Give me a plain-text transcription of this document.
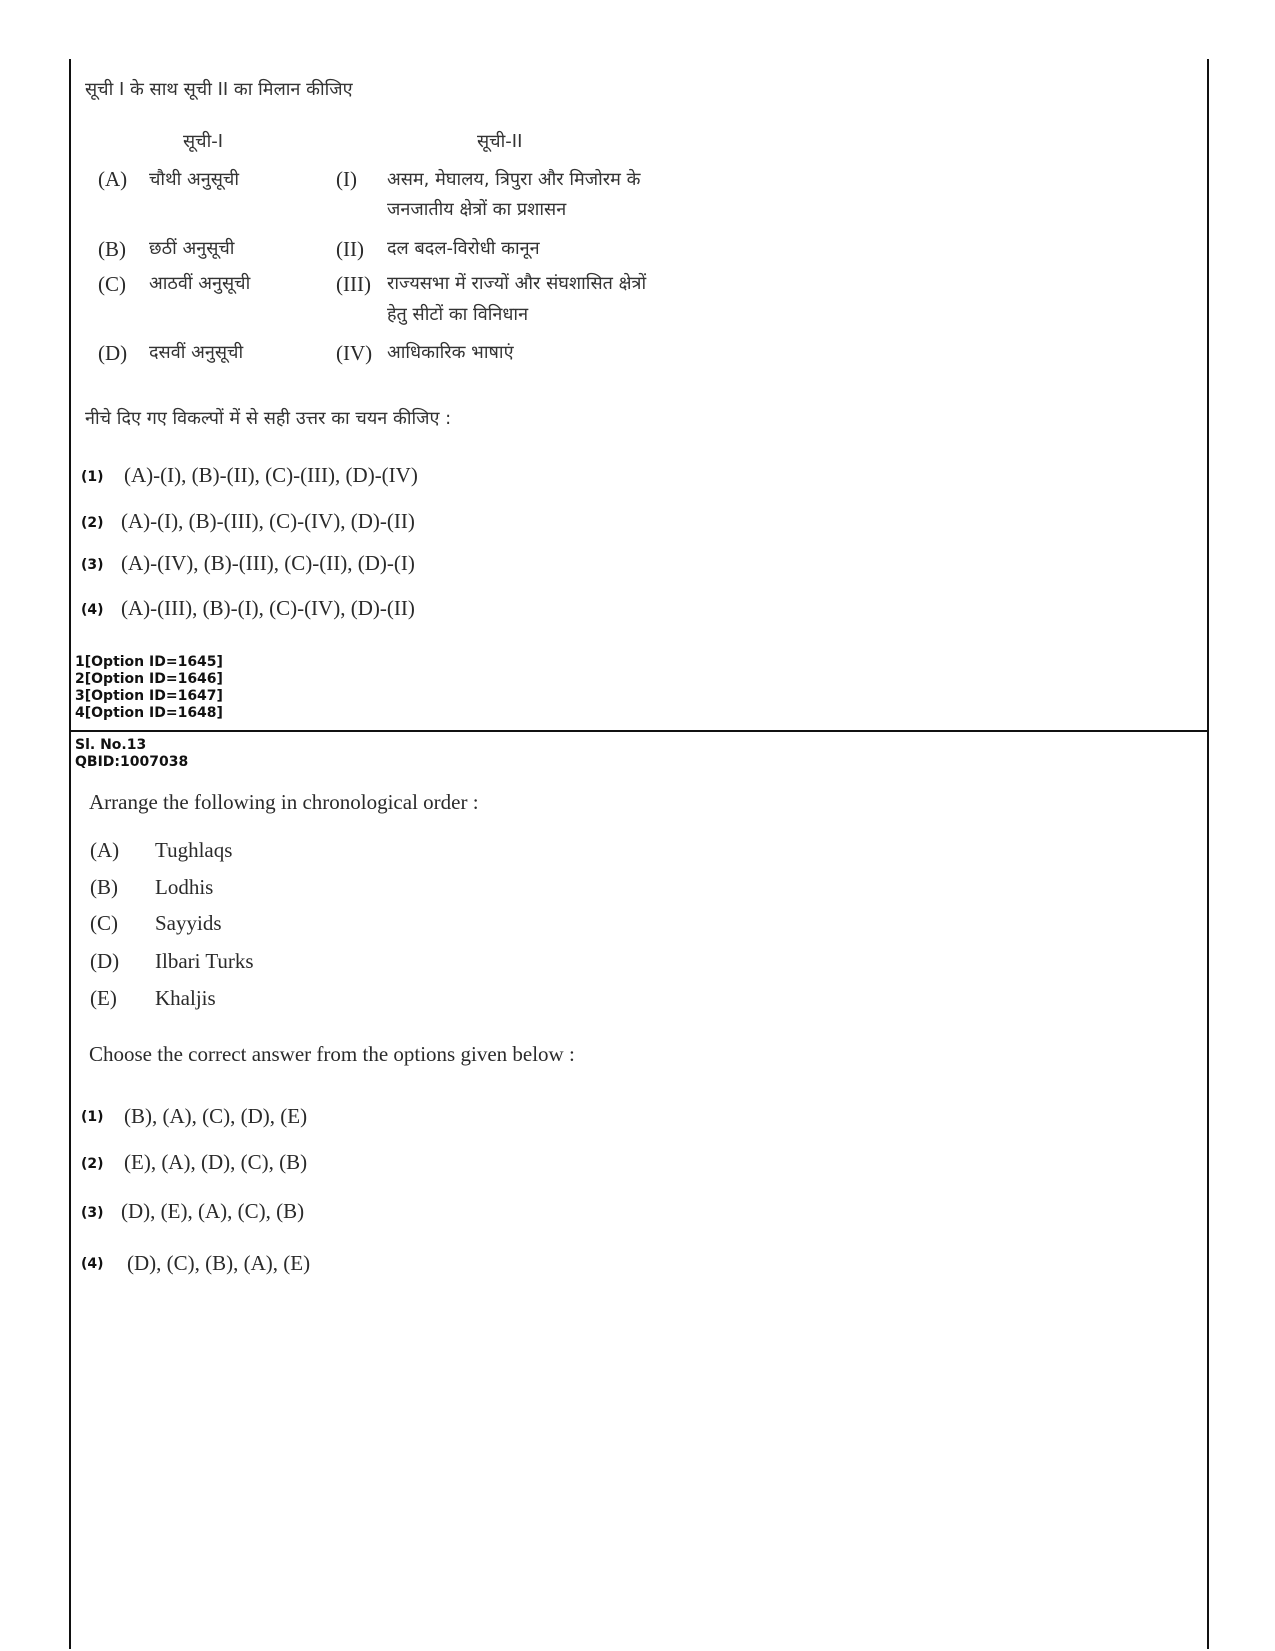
सूची I के साथ सूची II का मिलान कीजिए
सूची-I	सूची-II
(A) चौथी अनुसूची	(I) असम, मेघालय, त्रिपुरा और मिजोरम के
जनजातीय क्षेत्रों का प्रशासन
(B) छठीं अनुसूची	(II) दल बदल-विरोधी कानून
(C) आठवीं अनुसूची	(III) राज्यसभा में राज्यों और संघशासित क्षेत्रों
हेतु सीटों का विनिधान
(D) दसवीं अनुसूची	(IV) आधिकारिक भाषाएं
नीचे दिए गए विकल्पों में से सही उत्तर का चयन कीजिए :
(1) (A)-(I), (B)-(II), (C)-(III), (D)-(IV)
(2) (A)-(I), (B)-(III), (C)-(IV), (D)-(II)
(3) (A)-(IV), (B)-(III), (C)-(II), (D)-(I)
(4) (A)-(III), (B)-(I), (C)-(IV), (D)-(II)
1[Option ID=1645]
2[Option ID=1646]
3[Option ID=1647]
4[Option ID=1648]
Sl. No.13
QBID:1007038
Arrange the following in chronological order :
(A) Tughlaqs
(B) Lodhis
(C) Sayyids
(D) Ilbari Turks
(E) Khaljis
Choose the correct answer from the options given below :
(1) (B), (A), (C), (D), (E)
(2) (E), (A), (D), (C), (B)
(3) (D), (E), (A), (C), (B)
(4) (D), (C), (B), (A), (E)
